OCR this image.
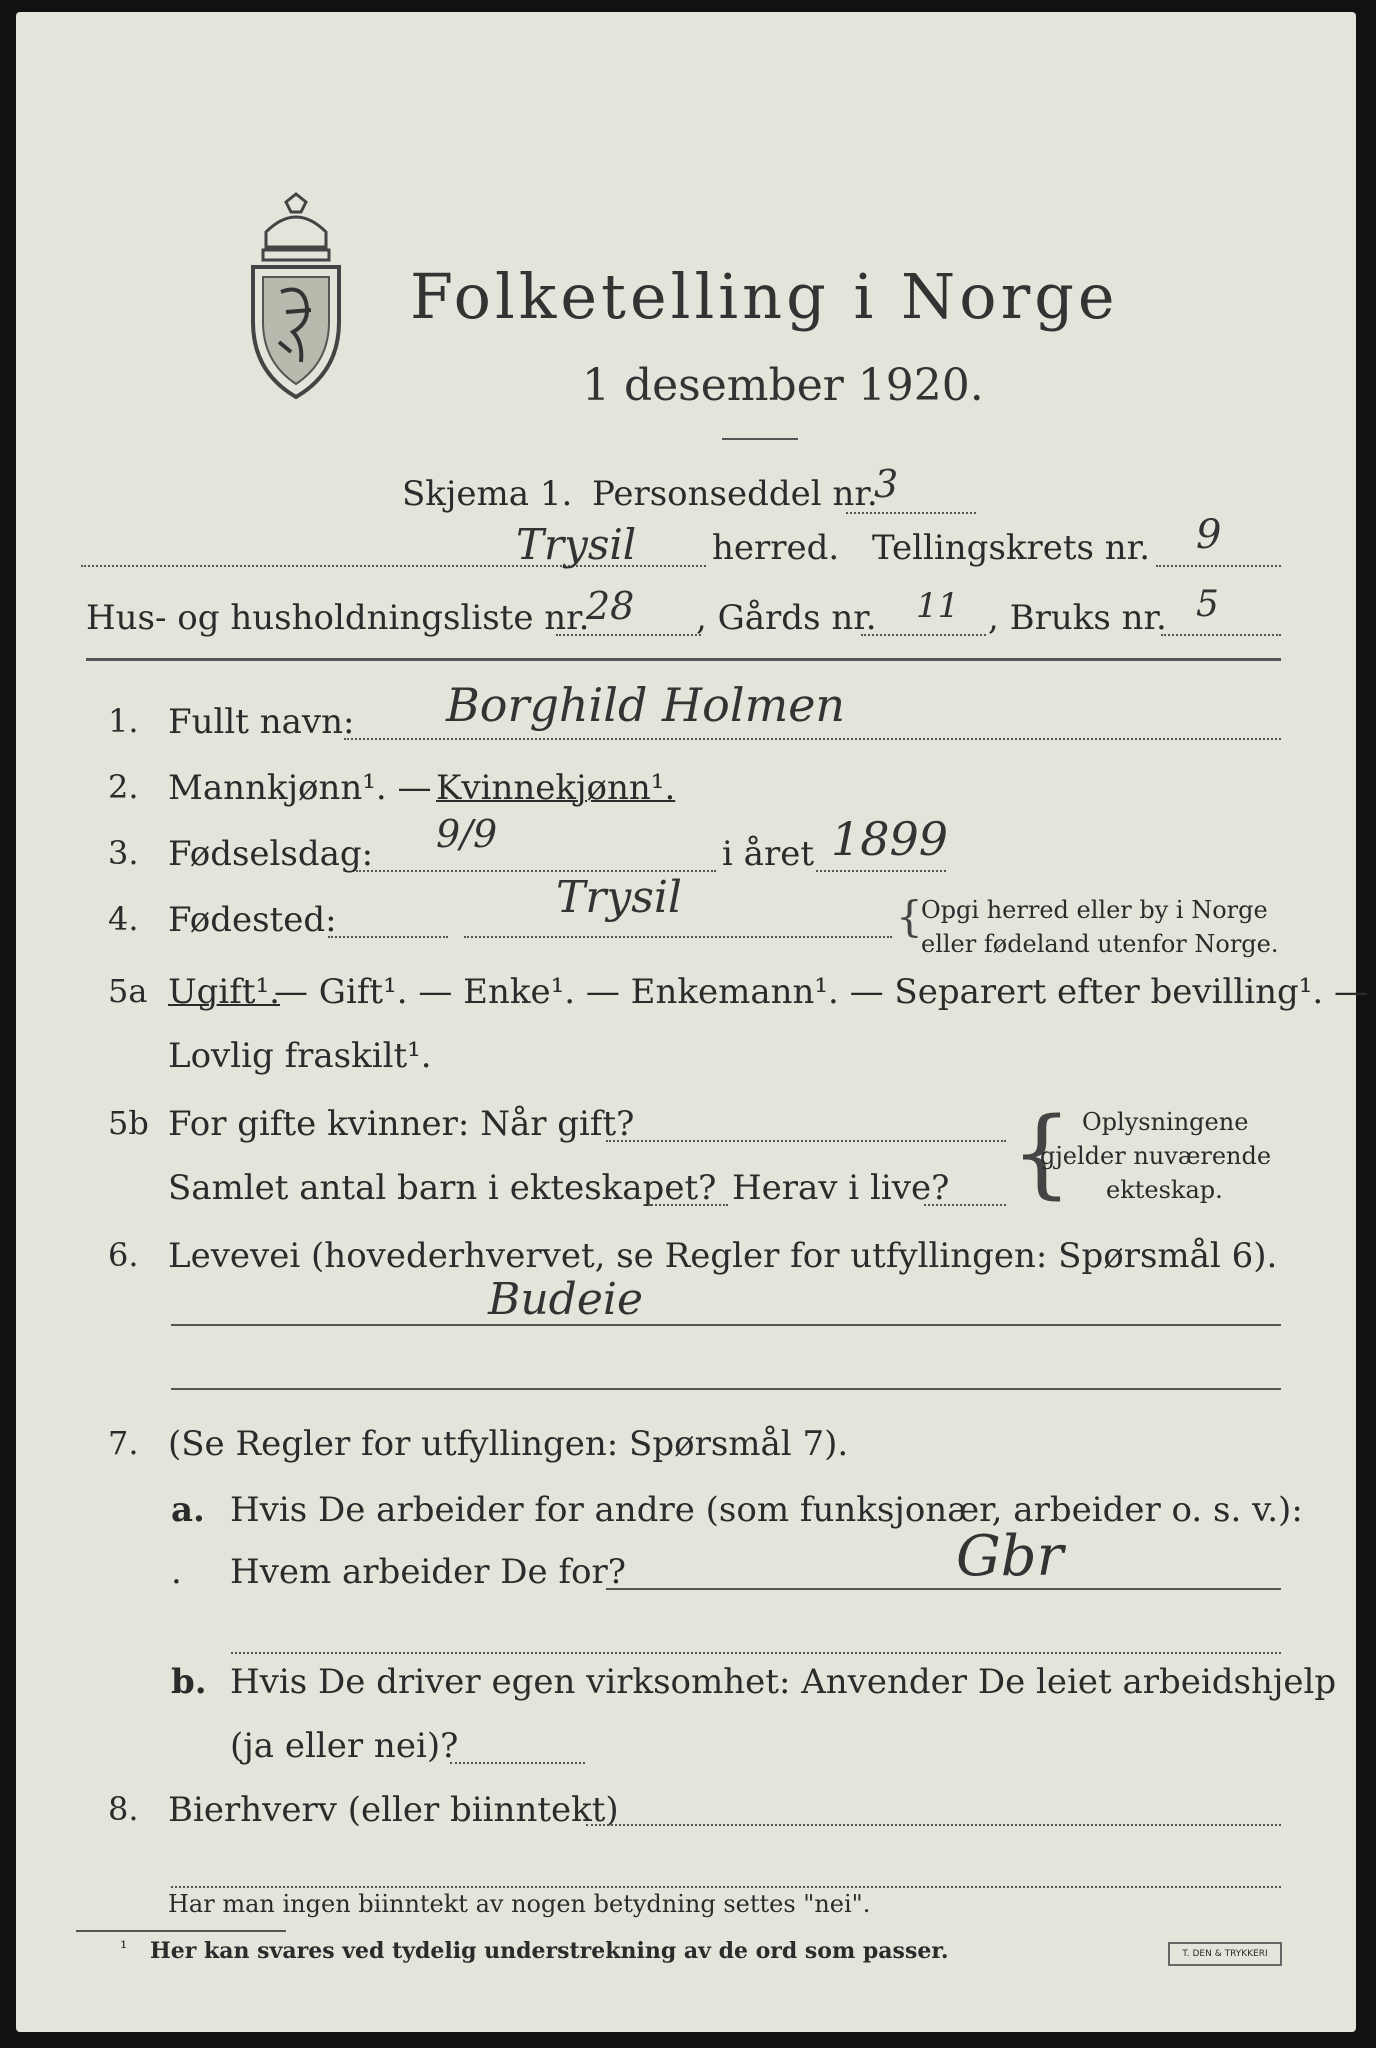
Folketelling i Norge
1 desember 1920.
Skjema 1. Personseddel nr.
3
Trysil herred. Tellingskrets nr. 9
Hus- og husholdningsliste nr.
28 , Gårds nr. 11 , Bruks nr. 5
1. Fullt navn: Borghild Holmen
2. Mannkjønn¹. — Kvinnekjønn¹.
3. Fødselsdag: 9/9	i året 1899
4. Fødested:	Trysil	{
Opgi herred eller by i Norge
eller fødeland utenfor Norge.
5a Ugift¹.
— Gift¹. — Enke¹. — Enkemann¹. — Separert efter bevilling¹. —
Lovlig fraskilt¹.
5b For gifte kvinner: Når gift?
Samlet antal barn i ekteskapet? Herav i live? { Oplysningene
gjelder nuværende
ekteskap.
6. Levevei (hovederhvervet, se Regler for utfyllingen: Spørsmål 6).
Budeie
7. (Se Regler for utfyllingen: Spørsmål 7).
a. Hvis De arbeider for andre (som funksjonær, arbeider o. s. v.):
. Hvem arbeider De for?	Gbr
b. Hvis De driver egen virksomhet: Anvender De leiet arbeidshjelp
(ja eller nei)?
8. Bierhverv (eller biinntekt)
Har man ingen biinntekt av nogen betydning settes "nei".
¹ Her kan svares ved tydelig understrekning av de ord som passer.	T. DEN & TRYKKERI
